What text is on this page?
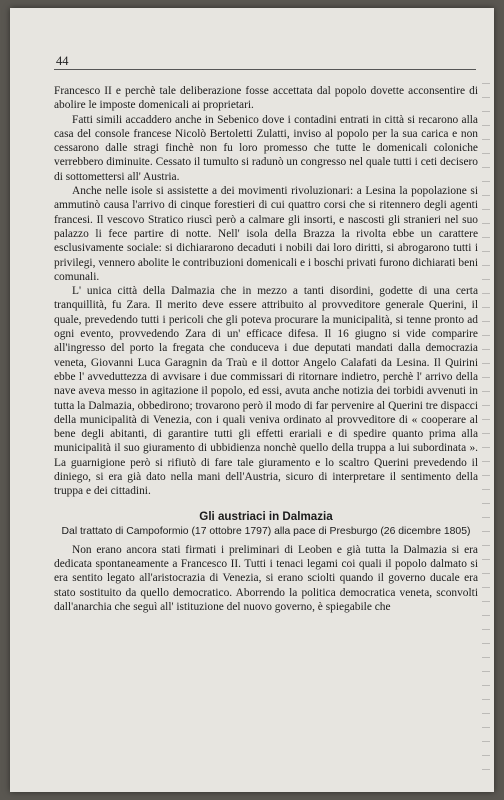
44

Francesco II e perchè tale deliberazione fosse accettata dal popolo dovette acconsentire di abolire le imposte domenicali ai proprietari.

Fatti simili accaddero anche in Sebenico dove i contadini entrati in città si recarono alla casa del console francese Nicolò Bertoletti Zulatti, inviso al popolo per la sua carica e non cessarono dalle stragi finchè non fu loro promesso che tutte le domenicali coloniche verrebbero diminuite. Cessato il tumulto si radunò un congresso nel quale tutti i ceti decisero di sottomettersi all' Austria.

Anche nelle isole si assistette a dei movimenti rivoluzionari: a Lesina la popolazione si ammutinò causa l'arrivo di cinque forestieri di cui quattro corsi che si ritennero degli agenti francesi. Il vescovo Stratico riuscì però a calmare gli insorti, e nascosti gli stranieri nel suo palazzo li fece partire di notte. Nell' isola della Brazza la rivolta ebbe un carattere esclusivamente sociale: si dichiararono decaduti i nobili dai loro diritti, si abrogarono tutti i privilegi, vennero abolite le contribuzioni domenicali e i boschi privati furono dichiarati beni comunali.

L' unica città della Dalmazia che in mezzo a tanti disordini, godette di una certa tranquillità, fu Zara. Il merito deve essere attribuito al provveditore generale Querini, il quale, prevedendo tutti i pericoli che gli poteva procurare la municipalità, si tenne pronto ad ogni evento, provvedendo Zara di un' efficace difesa. Il 16 giugno si vide comparire all'ingresso del porto la fregata che conduceva i due deputati mandati dalla democrazia veneta, Giovanni Luca Garagnin da Traù e il dottor Angelo Calafati da Lesina. Il Quirini ebbe l' avveduttezza di avvisare i due commissari di ritornare indietro, perchè l' arrivo della nave aveva messo in agitazione il popolo, ed essi, avuta anche notizia dei torbidi avvenuti in tutta la Dalmazia, obbedirono; trovarono però il modo di far pervenire al Querini tre dispacci della municipalità di Venezia, con i quali veniva ordinato al provveditore di « cooperare al bene degli abitanti, di garantire tutti gli effetti erariali e di spedire quanto prima alla municipalità il suo giuramento di ubbidienza nonchè quello della truppa a lui subordinata ». La guarnigione però si rifiutò di fare tale giuramento e lo scaltro Querini prevedendo il diniego, si era già dato nella mani dell'Austria, sicuro di interpretare il sentimento della truppa e dei cittadini.

Gli austriaci in Dalmazia
Dal trattato di Campoformio (17 ottobre 1797) alla pace di Presburgo (26 dicembre 1805)

Non erano ancora stati firmati i preliminari di Leoben e già tutta la Dalmazia si era dedicata spontaneamente a Francesco II. Tutti i tenaci legami coi quali il popolo dalmato si era sentito legato all'aristocrazia di Venezia, si erano sciolti quando il governo ducale era stato sostituito da quello democratico. Aborrendo la politica democratica veneta, sconvolti dall'anarchia che seguì all' istituzione del nuovo governo, è spiegabile che
